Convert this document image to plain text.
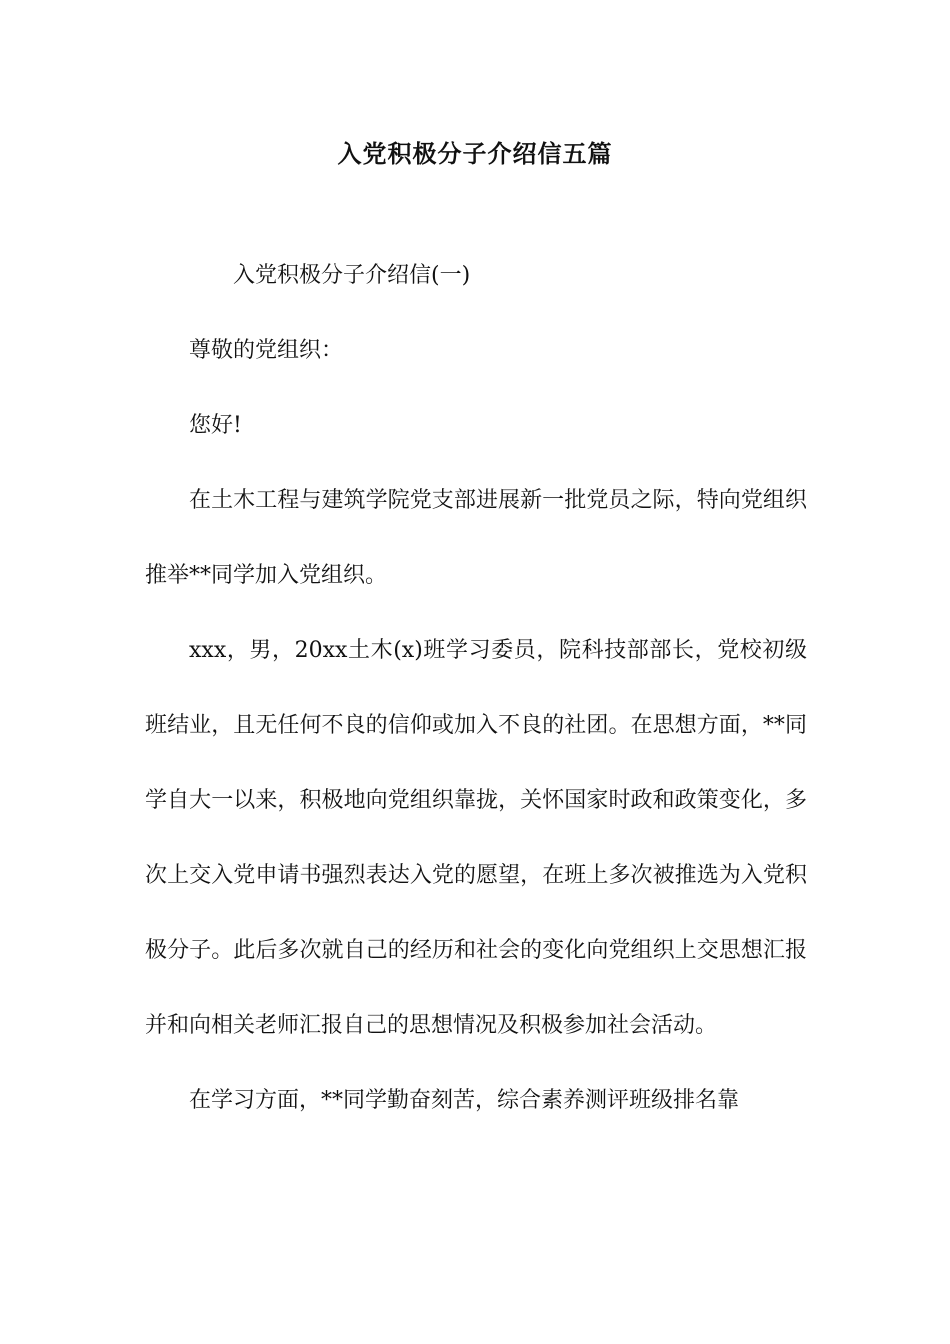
入党积极分子介绍信五篇

入党积极分子介绍信(一)

尊敬的党组织：

您好!

在土木工程与建筑学院党支部进展新一批党员之际，特向党组织推举**同学加入党组织。

xxx，男，20xx土木(x)班学习委员，院科技部部长，党校初级班结业，且无任何不良的信仰或加入不良的社团。在思想方面，**同学自大一以来，积极地向党组织靠拢，关怀国家时政和政策变化，多次上交入党申请书强烈表达入党的愿望，在班上多次被推选为入党积极分子。此后多次就自己的经历和社会的变化向党组织上交思想汇报并和向相关老师汇报自己的思想情况及积极参加社会活动。

在学习方面，**同学勤奋刻苦，综合素养测评班级排名靠
